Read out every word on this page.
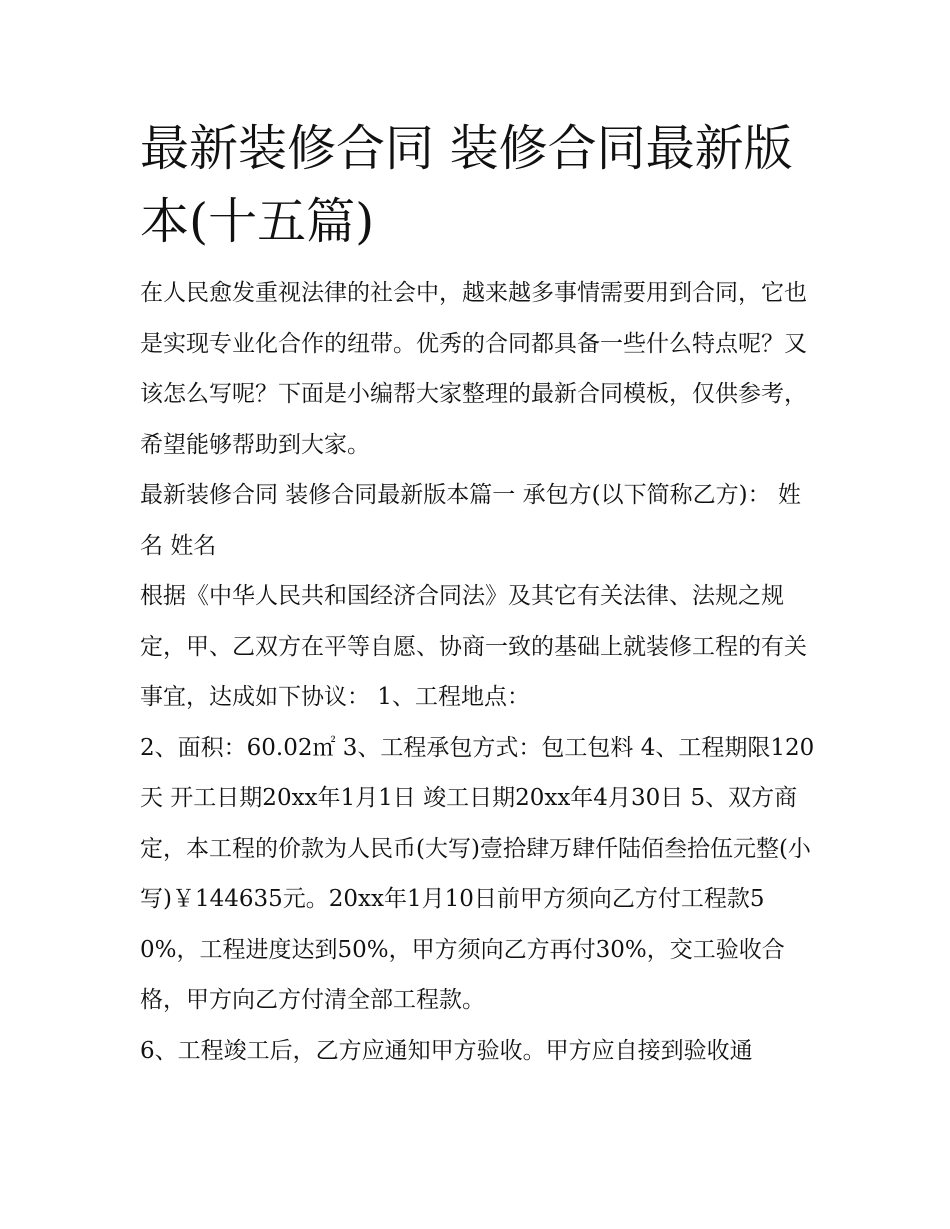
最新装修合同 装修合同最新版本(十五篇)

在人民愈发重视法律的社会中，越来越多事情需要用到合同，它也是实现专业化合作的纽带。优秀的合同都具备一些什么特点呢？又该怎么写呢？下面是小编帮大家整理的最新合同模板，仅供参考，希望能够帮助到大家。

最新装修合同 装修合同最新版本篇一 承包方(以下简称乙方)： 姓名 姓名

根据《中华人民共和国经济合同法》及其它有关法律、法规之规定，甲、乙双方在平等自愿、协商一致的基础上就装修工程的有关事宜，达成如下协议： 1、工程地点：

2、面积：60.02㎡ 3、工程承包方式：包工包料 4、工程期限120天 开工日期20xx年1月1日 竣工日期20xx年4月30日 5、双方商定，本工程的价款为人民币(大写)壹拾肆万肆仟陆佰叁拾伍元整(小写)￥144635元。20xx年1月10日前甲方须向乙方付工程款50%，工程进度达到50%，甲方须向乙方再付30%，交工验收合格，甲方向乙方付清全部工程款。

6、工程竣工后，乙方应通知甲方验收。甲方应自接到验收通
